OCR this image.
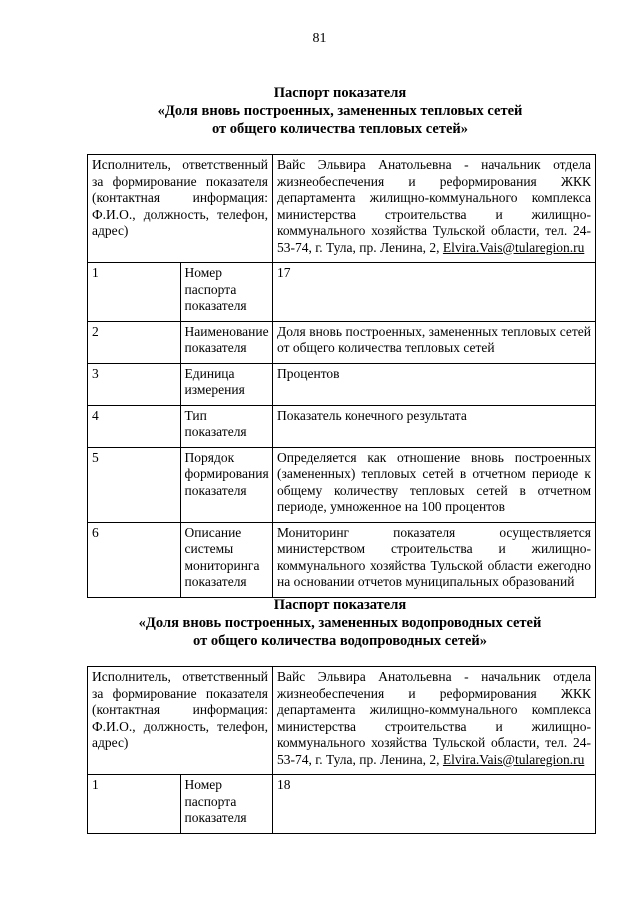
81
Паспорт показателя
«Доля вновь построенных, замененных тепловых сетей
от общего количества тепловых сетей»
Исполнитель, ответственный за формирование показателя (контактная информация: Ф.И.О., должность, телефон, адрес)		Вайс Эльвира Анатольевна - начальник отдела жизнеобеспечения и реформирования ЖКК департамента жилищно-коммунального комплекса министерства строительства и жилищно-коммунального хозяйства Тульской области, тел. 24-53-74, г. Тула, пр. Ленина, 2, Elvira.Vais@tularegion.ru
1	Номер паспорта показателя	17
2	Наименование показателя	Доля вновь построенных, замененных тепловых сетей от общего количества тепловых сетей
3	Единица измерения	Процентов
4	Тип показателя	Показатель конечного результата
5	Порядок формирования показателя	Определяется как отношение вновь построенных (замененных) тепловых сетей в отчетном периоде к общему количеству тепловых сетей в отчетном периоде, умноженное на 100 процентов
6	Описание системы мониторинга показателя	Мониторинг показателя осуществляется министерством строительства и жилищно-коммунального хозяйства Тульской области ежегодно на основании отчетов муниципальных образований
Паспорт показателя
«Доля вновь построенных, замененных водопроводных сетей
от общего количества водопроводных сетей»
Исполнитель, ответственный за формирование показателя (контактная информация: Ф.И.О., должность, телефон, адрес)		Вайс Эльвира Анатольевна - начальник отдела жизнеобеспечения и реформирования ЖКК департамента жилищно-коммунального комплекса министерства строительства и жилищно-коммунального хозяйства Тульской области, тел. 24-53-74, г. Тула, пр. Ленина, 2, Elvira.Vais@tularegion.ru
1	Номер паспорта показателя	18
